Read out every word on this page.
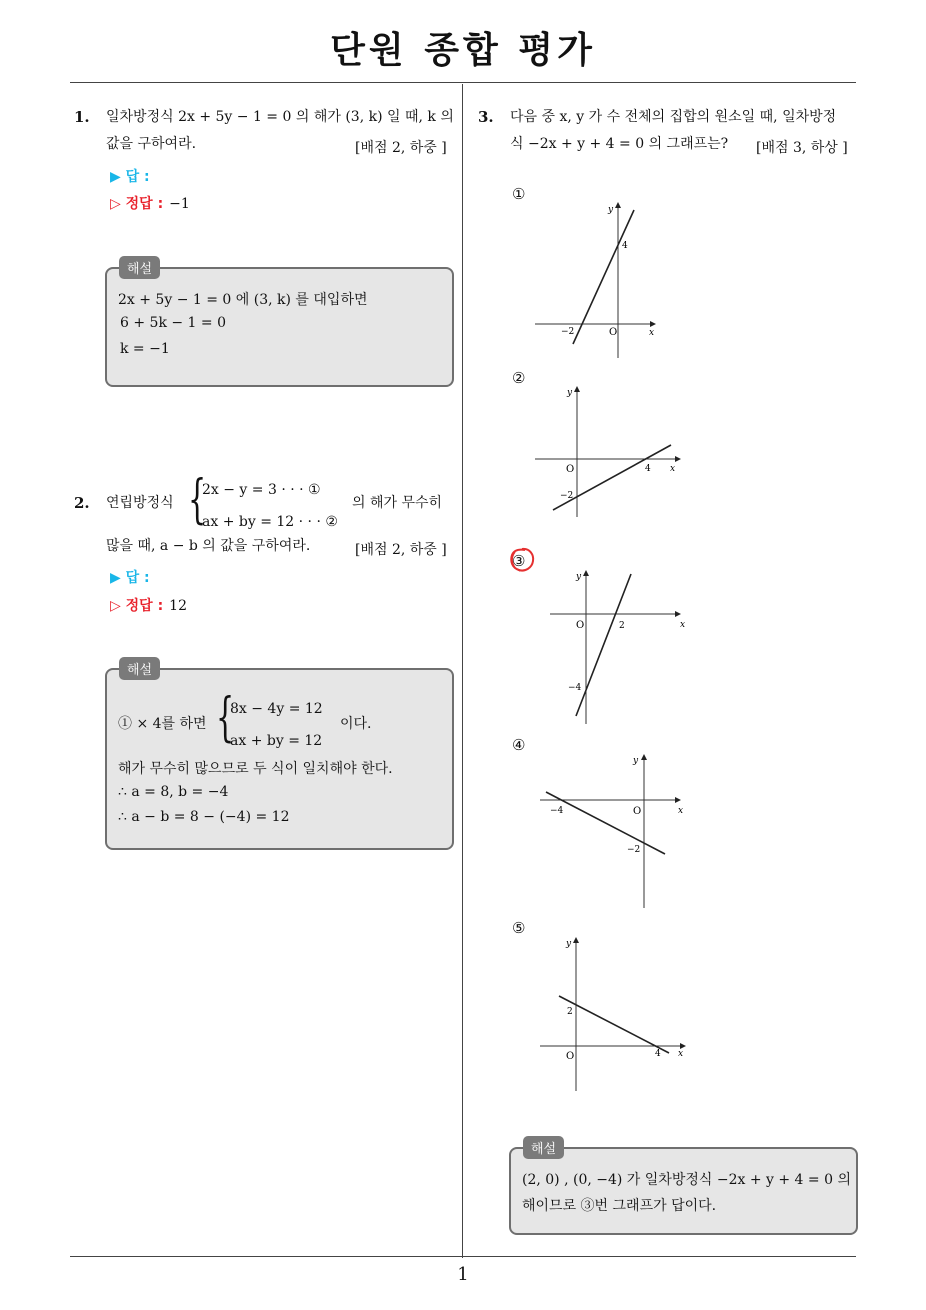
단원 종합 평가
1
1. 일차방정식 2x + 5y − 1 = 0 의 해가 (3, k) 일 때, k 의
값을 구하여라.	[배점 2, 하중 ]
▶ 답 :
▷ 정답 : −1
해설
2x + 5y − 1 = 0 에 (3, k) 를 대입하면
6 + 5k − 1 = 0
k = −1
2. 연립방정식 {
2x − y = 3 · · · ①
ax + by = 12 · · · ②
의 해가 무수히
많을 때, a − b 의 값을 구하여라.	[배점 2, 하중 ]
▶ 답 :
▷ 정답 : 12
해설
① × 4를 하면 {
8x − 4y = 12
ax + by = 12
이다.
해가 무수히 많으므로 두 식이 일치해야 한다.
∴ a = 8, b = −4
∴ a − b = 8 − (−4) = 12
3. 다음 중 x, y 가 수 전체의 집합의 원소일 때, 일차방정
식 −2x + y + 4 = 0 의 그래프는? [배점 3, 하상 ]
①
②
③
④
⑤
y
x
O
−2
4
y
x
O	4
−2
y
x
O	2
−4
y
x
O
−4
−2
y
x
O	4
2
해설
(2, 0) , (0, −4) 가 일차방정식 −2x + y + 4 = 0 의
해이므로 ③번 그래프가 답이다.
